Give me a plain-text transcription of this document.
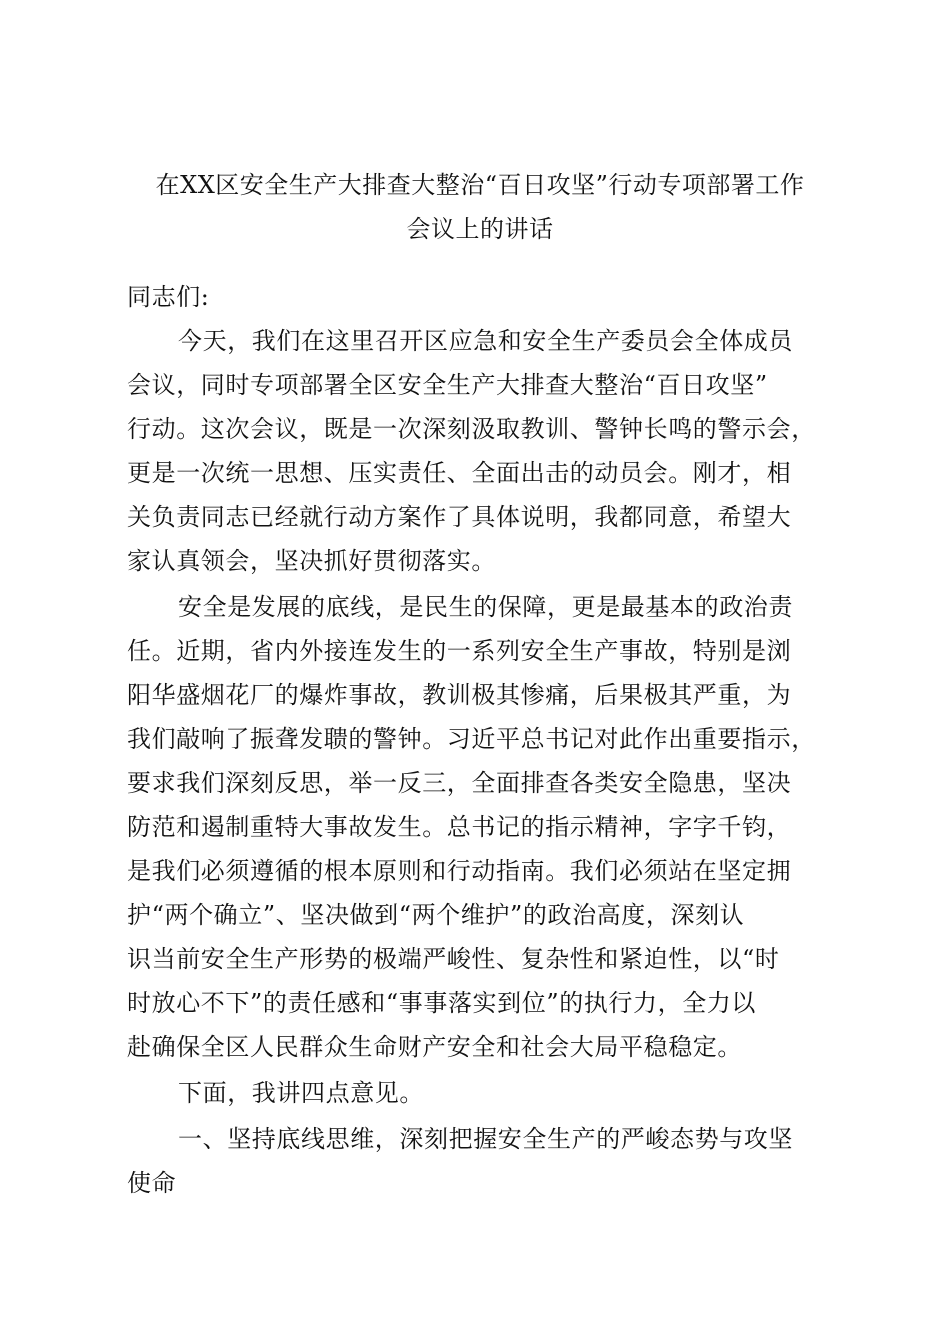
在XX区安全生产大排查大整治“百日攻坚”行动专项部署工作
会议上的讲话
同志们:
今天，我们在这里召开区应急和安全生产委员会全体成员
会议，同时专项部署全区安全生产大排查大整治“百日攻坚”
行动。这次会议，既是一次深刻汲取教训、警钟长鸣的警示会，
更是一次统一思想、压实责任、全面出击的动员会。刚才，相
关负责同志已经就行动方案作了具体说明，我都同意，希望大
家认真领会，坚决抓好贯彻落实。
安全是发展的底线，是民生的保障，更是最基本的政治责
任。近期，省内外接连发生的一系列安全生产事故，特别是浏
阳华盛烟花厂的爆炸事故，教训极其惨痛，后果极其严重，为
我们敲响了振聋发聩的警钟。习近平总书记对此作出重要指示，
要求我们深刻反思，举一反三，全面排查各类安全隐患，坚决
防范和遏制重特大事故发生。总书记的指示精神，字字千钧，
是我们必须遵循的根本原则和行动指南。我们必须站在坚定拥
护“两个确立”、坚决做到“两个维护”的政治高度，深刻认
识当前安全生产形势的极端严峻性、复杂性和紧迫性，以“时
时放心不下”的责任感和“事事落实到位”的执行力，全力以
赴确保全区人民群众生命财产安全和社会大局平稳稳定。
下面，我讲四点意见。
一、坚持底线思维，深刻把握安全生产的严峻态势与攻坚
使命
